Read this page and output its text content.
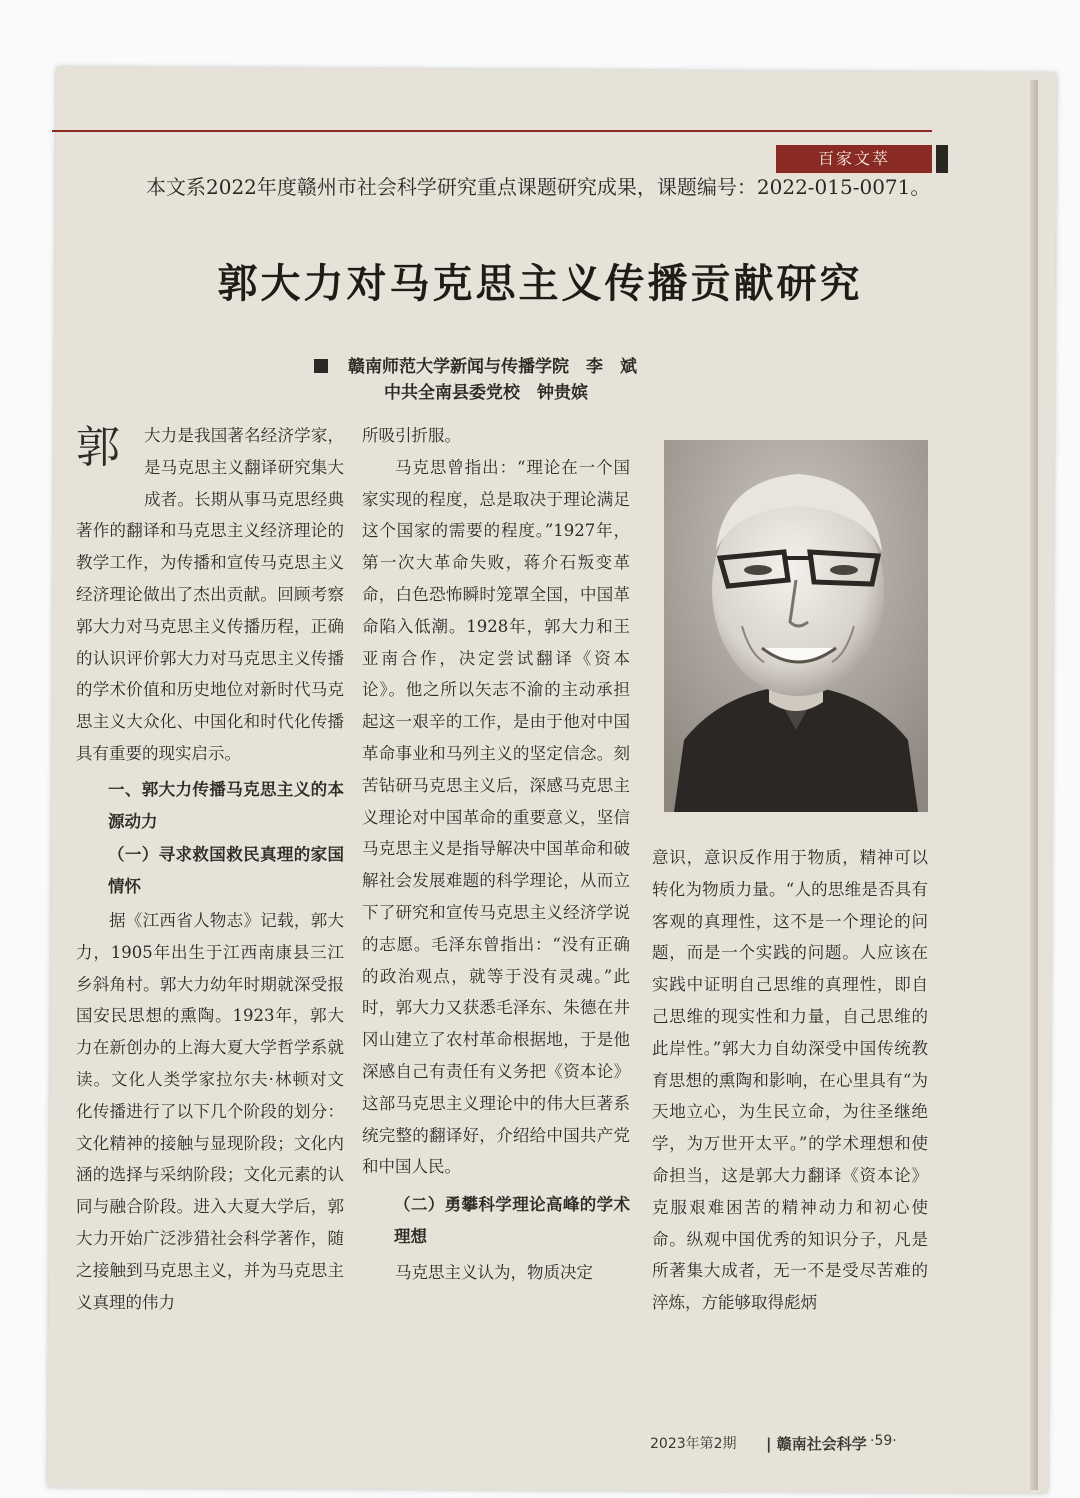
百家文萃
本文系2022年度赣州市社会科学研究重点课题研究成果，课题编号：2022-015-0071。
郭大力对马克思主义传播贡献研究
赣南师范大学新闻与传播学院　李　斌
中共全南县委党校　钟贵嫔

郭	大力是我国著名经济学家，是马克思主义翻译研究集大成者。长期从事马克思经典著作的翻译和马克思主义经济理论的教学工作，为传播和宣传马克思主义经济理论做出了杰出贡献。回顾考察郭大力对马克思主义传播历程，正确的认识评价郭大力对马克思主义传播的学术价值和历史地位对新时代马克思主义大众化、中国化和时代化传播具有重要的现实启示。

一、郭大力传播马克思主义的本源动力

（一）寻求救国救民真理的家国情怀

据《江西省人物志》记载，郭大力，1905年出生于江西南康县三江乡斜角村。郭大力幼年时期就深受报国安民思想的熏陶。1923年，郭大力在新创办的上海大夏大学哲学系就读。文化人类学家拉尔夫·林顿对文化传播进行了以下几个阶段的划分：文化精神的接触与显现阶段；文化内涵的选择与采纳阶段；文化元素的认同与融合阶段。进入大夏大学后，郭大力开始广泛涉猎社会科学著作，随之接触到马克思主义，并为马克思主义真理的伟力

所吸引折服。

马克思曾指出：“理论在一个国家实现的程度，总是取决于理论满足这个国家的需要的程度。”1927年，第一次大革命失败，蒋介石叛变革命，白色恐怖瞬时笼罩全国，中国革命陷入低潮。1928年，郭大力和王亚南合作，决定尝试翻译《资本论》。他之所以矢志不渝的主动承担起这一艰辛的工作，是由于他对中国革命事业和马列主义的坚定信念。刻苦钻研马克思主义后，深感马克思主义理论对中国革命的重要意义，坚信马克思主义是指导解决中国革命和破解社会发展难题的科学理论，从而立下了研究和宣传马克思主义经济学说的志愿。毛泽东曾指出：“没有正确的政治观点，就等于没有灵魂。”此时，郭大力又获悉毛泽东、朱德在井冈山建立了农村革命根据地，于是他深感自己有责任有义务把《资本论》这部马克思主义理论中的伟大巨著系统完整的翻译好，介绍给中国共产党和中国人民。

（二）勇攀科学理论高峰的学术理想

马克思主义认为，物质决定

意识，意识反作用于物质，精神可以转化为物质力量。“人的思维是否具有客观的真理性，这不是一个理论的问题，而是一个实践的问题。人应该在实践中证明自己思维的真理性，即自己思维的现实性和力量，自己思维的此岸性。”郭大力自幼深受中国传统教育思想的熏陶和影响，在心里具有“为天地立心，为生民立命，为往圣继绝学，为万世开太平。”的学术理想和使命担当，这是郭大力翻译《资本论》克服艰难困苦的精神动力和初心使命。纵观中国优秀的知识分子，凡是所著集大成者，无一不是受尽苦难的淬炼，方能够取得彪炳

2023年第2期 | 赣南社会科学 ·59·
